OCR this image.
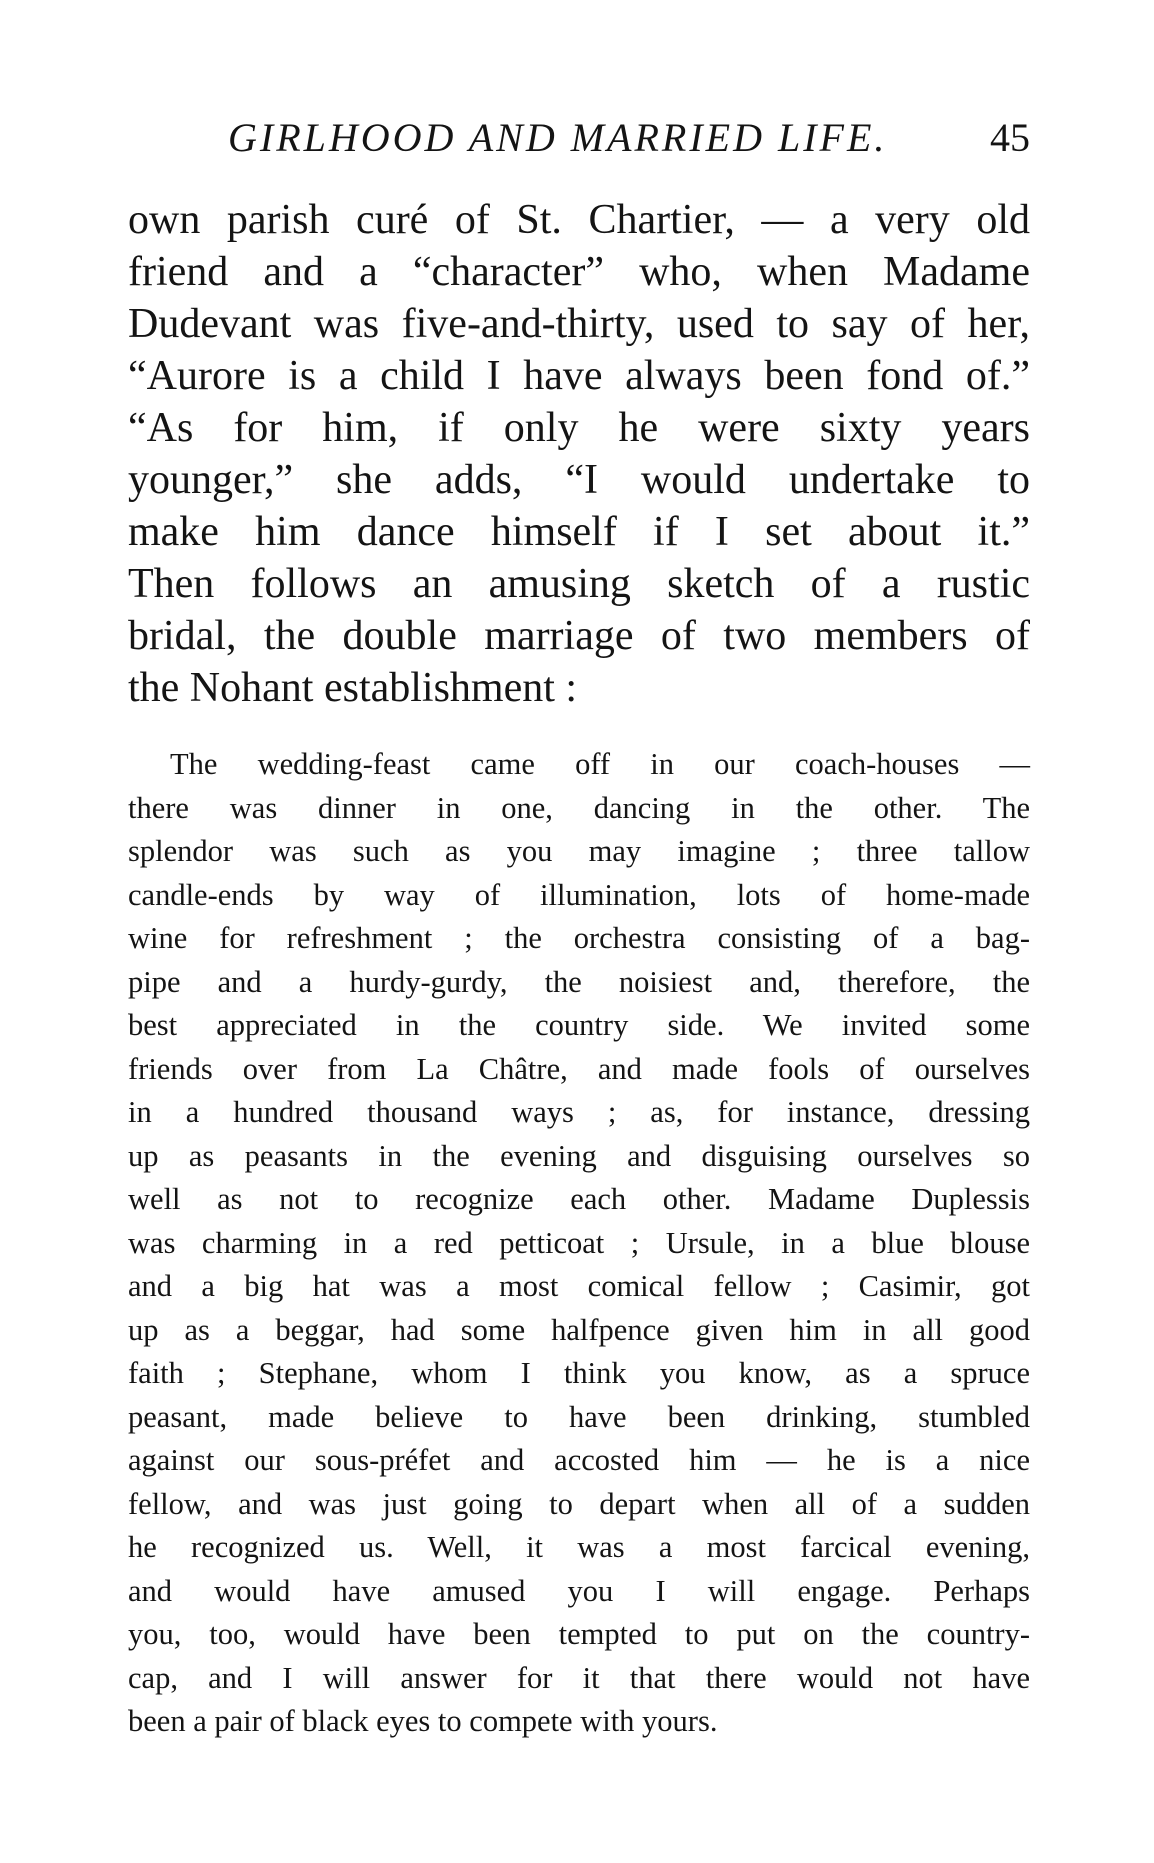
GIRLHOOD AND MARRIED LIFE.	45
own parish curé of St. Chartier, — a very old
friend and a “character” who, when Madame
Dudevant was five-and-thirty, used to say of her,
“Aurore is a child I have always been fond of.”
“As for him, if only he were sixty years
younger,” she adds, “I would undertake to
make him dance himself if I set about it.”
Then follows an amusing sketch of a rustic
bridal, the double marriage of two members of
the Nohant establishment :
The wedding-feast came off in our coach-houses —
there was dinner in one, dancing in the other. The
splendor was such as you may imagine ; three tallow
candle-ends by way of illumination, lots of home-made
wine for refreshment ; the orchestra consisting of a bag-
pipe and a hurdy-gurdy, the noisiest and, therefore, the
best appreciated in the country side. We invited some
friends over from La Châtre, and made fools of ourselves
in a hundred thousand ways ; as, for instance, dressing
up as peasants in the evening and disguising ourselves so
well as not to recognize each other. Madame Duplessis
was charming in a red petticoat ; Ursule, in a blue blouse
and a big hat was a most comical fellow ; Casimir, got
up as a beggar, had some halfpence given him in all good
faith ; Stephane, whom I think you know, as a spruce
peasant, made believe to have been drinking, stumbled
against our sous-préfet and accosted him — he is a nice
fellow, and was just going to depart when all of a sudden
he recognized us. Well, it was a most farcical evening,
and would have amused you I will engage. Perhaps
you, too, would have been tempted to put on the country-
cap, and I will answer for it that there would not have
been a pair of black eyes to compete with yours.
